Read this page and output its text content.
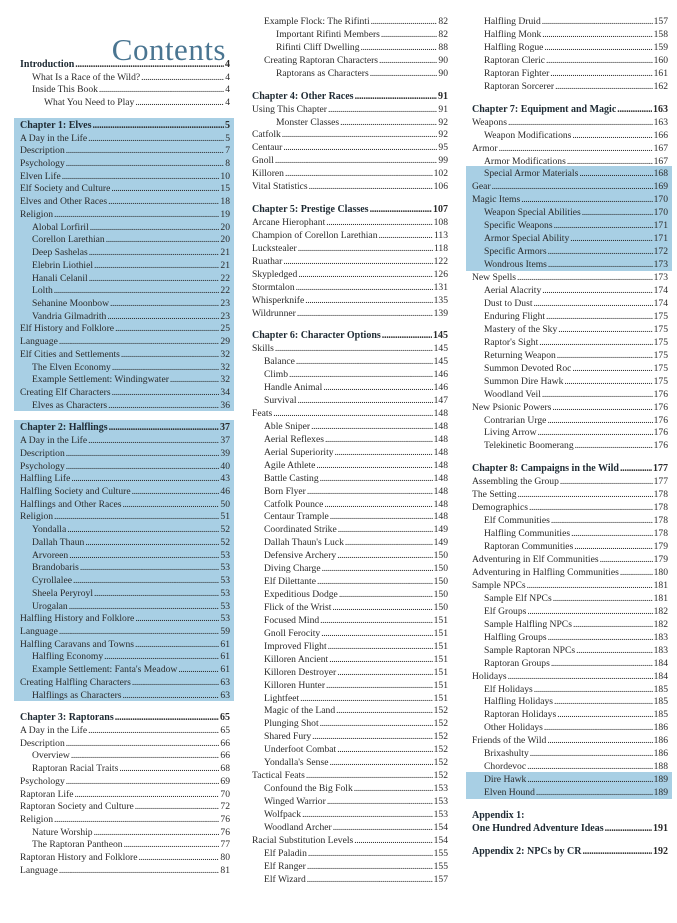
Contents
Introduction . . .	4
What Is a Race of the Wild? . . .	4
Inside This Book . . .	4
What You Need to Play . . .	4
Chapter 1: Elves . . .	5
A Day in the Life . . .	5
Description . . .	7
Psychology . . .	8
Elven Life . . .	10
Elf Society and Culture . . .	15
Elves and Other Races . . .	18
Religion . . .	19
Alobal Lorfiril . . .	20
Corellon Larethian . . .	20
Deep Sashelas . . .	21
Elebrin Liothiel . . .	21
Hanali Celanil . . .	22
Lolth . . .	22
Sehanine Moonbow . . .	23
Vandria Gilmadrith . . .	23
Elf History and Folklore . . .	25
Language . . .	29
Elf Cities and Settlements . . .	32
The Elven Economy . . .	32
Example Settlement: Windingwater . . .	32
Creating Elf Characters . . .	34
Elves as Characters . . .	36
Chapter 2: Halflings . . .	37
A Day in the Life . . .	37
Description . . .	39
Psychology . . .	40
Halfling Life . . .	43
Halfling Society and Culture . . .	46
Halflings and Other Races . . .	50
Religion . . .	51
Yondalla . . .	52
Dallah Thaun . . .	52
Arvoreen . . .	53
Brandobaris . . .	53
Cyrollalee . . .	53
Sheela Peryroyl . . .	53
Urogalan . . .	53
Halfling History and Folklore . . .	53
Language . . .	59
Halfling Caravans and Towns . . .	61
Halfling Economy . . .	61
Example Settlement: Fanta's Meadow . . .	61
Creating Halfling Characters . . .	63
Halflings as Characters . . .	63
Chapter 3: Raptorans . . .	65
A Day in the Life . . .	65
Description . . .	66
Overview . . .	66
Raptoran Racial Traits . . .	68
Psychology . . .	69
Raptoran Life . . .	70
Raptoran Society and Culture . . .	72
Religion . . .	76
Nature Worship . . .	76
The Raptoran Pantheon . . .	77
Raptoran History and Folklore . . .	80
Language . . .	81
Example Flock: The Rifinti . . .	82
Important Rifinti Members . . .	82
Rifinti Cliff Dwelling . . .	88
Creating Raptoran Characters . . .	90
Raptorans as Characters . . .	90
Chapter 4: Other Races . . .	91
Using This Chapter . . .	91
Monster Classes . . .	92
Catfolk . . .	92
Centaur . . .	95
Gnoll . . .	99
Killoren . . .	102
Vital Statistics . . .	106
Chapter 5: Prestige Classes . . .	107
Arcane Hierophant . . .	108
Champion of Corellon Larethian . . .	113
Luckstealer . . .	118
Ruathar . . .	122
Skypledged . . .	126
Stormtalon . . .	131
Whisperknife . . .	135
Wildrunner . . .	139
Chapter 6: Character Options . . .	145
Skills . . .	145
Balance . . .	145
Climb . . .	146
Handle Animal . . .	146
Survival . . .	147
Feats . . .	148
Able Sniper . . .	148
Aerial Reflexes . . .	148
Aerial Superiority . . .	148
Agile Athlete . . .	148
Battle Casting . . .	148
Born Flyer . . .	148
Catfolk Pounce . . .	148
Centaur Trample . . .	148
Coordinated Strike . . .	149
Dallah Thaun's Luck . . .	149
Defensive Archery . . .	150
Diving Charge . . .	150
Elf Dilettante . . .	150
Expeditious Dodge . . .	150
Flick of the Wrist . . .	150
Focused Mind . . .	151
Gnoll Ferocity . . .	151
Improved Flight . . .	151
Killoren Ancient . . .	151
Killoren Destroyer . . .	151
Killoren Hunter . . .	151
Lightfeet . . .	151
Magic of the Land . . .	152
Plunging Shot . . .	152
Shared Fury . . .	152
Underfoot Combat . . .	152
Yondalla's Sense . . .	152
Tactical Feats . . .	152
Confound the Big Folk . . .	153
Winged Warrior . . .	153
Wolfpack . . .	153
Woodland Archer . . .	154
Racial Substitution Levels . . .	154
Elf Paladin . . .	155
Elf Ranger . . .	155
Elf Wizard . . .	157
Halfling Druid . . .	157
Halfling Monk . . .	158
Halfling Rogue . . .	159
Raptoran Cleric . . .	160
Raptoran Fighter . . .	161
Raptoran Sorcerer . . .	162
Chapter 7: Equipment and Magic . . .	163
Weapons . . .	163
Weapon Modifications . . .	166
Armor . . .	167
Armor Modifications . . .	167
Special Armor Materials . . .	168
Gear . . .	169
Magic Items . . .	170
Weapon Special Abilities . . .	170
Specific Weapons . . .	171
Armor Special Ability . . .	171
Specific Armors . . .	172
Wondrous Items . . .	173
New Spells . . .	173
Aerial Alacrity . . .	174
Dust to Dust . . .	174
Enduring Flight . . .	175
Mastery of the Sky . . .	175
Raptor's Sight . . .	175
Returning Weapon . . .	175
Summon Devoted Roc . . .	175
Summon Dire Hawk . . .	175
Woodland Veil . . .	176
New Psionic Powers . . .	176
Contrarian Urge . . .	176
Living Arrow . . .	176
Telekinetic Boomerang . . .	176
Chapter 8: Campaigns in the Wild . . .	177
Assembling the Group . . .	177
The Setting . . .	178
Demographics . . .	178
Elf Communities . . .	178
Halfling Communities . . .	178
Raptoran Communities . . .	179
Adventuring in Elf Communities . . .	179
Adventuring in Halfling Communities . . .	180
Sample NPCs . . .	181
Sample Elf NPCs . . .	181
Elf Groups . . .	182
Sample Halfling NPCs . . .	182
Halfling Groups . . .	183
Sample Raptoran NPCs . . .	183
Raptoran Groups . . .	184
Holidays . . .	184
Elf Holidays . . .	185
Halfling Holidays . . .	185
Raptoran Holidays . . .	185
Other Holidays . . .	186
Friends of the Wild . . .	186
Brixashulty . . .	186
Chordevoc . . .	188
Dire Hawk . . .	189
Elven Hound . . .	189
Appendix 1:
One Hundred Adventure Ideas . . .	191
Appendix 2: NPCs by CR . . .	192
